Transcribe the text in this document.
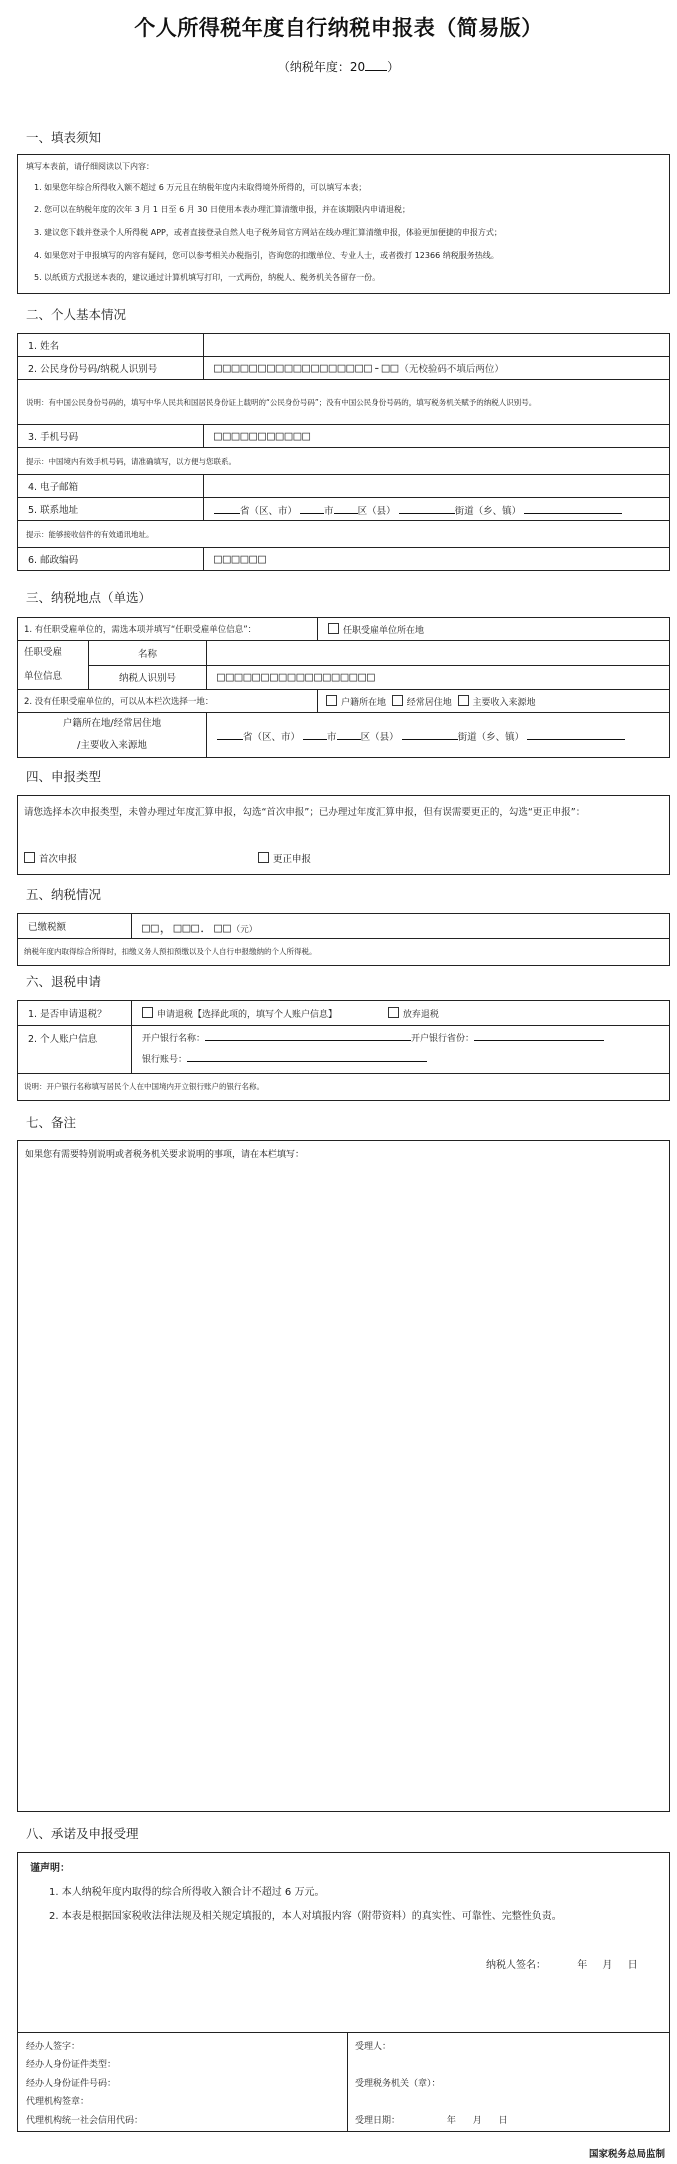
个人所得税年度自行纳税申报表（简易版）
（纳税年度：20 ）
一、填表须知

填写本表前，请仔细阅读以下内容：

1. 如果您年综合所得收入额不超过 6 万元且在纳税年度内未取得境外所得的，可以填写本表；

2. 您可以在纳税年度的次年 3 月 1 日至 6 月 30 日使用本表办理汇算清缴申报，并在该期限内申请退税；

3. 建议您下载并登录个人所得税 APP，或者直接登录自然人电子税务局官方网站在线办理汇算清缴申报，体验更加便捷的申报方式；

4. 如果您对于申报填写的内容有疑问，您可以参考相关办税指引，咨询您的扣缴单位、专业人士，或者拨打 12366 纳税服务热线。

5. 以纸质方式报送本表的，建议通过计算机填写打印，一式两份，纳税人、税务机关各留存一份。

二、个人基本情况
1. 姓名	
2. 公民身份号码/纳税人识别号	□□□□□□□□□□□□□□□□□□-□□（无校验码不填后两位）
说明：有中国公民身份号码的，填写中华人民共和国居民身份证上载明的“公民身份号码”；没有中国公民身份号码的，填写税务机关赋予的纳税人识别号。	
3. 手机号码	□□□□□□□□□□□
提示：中国境内有效手机号码，请准确填写，以方便与您联系。	
4. 电子邮箱	
5. 联系地址	省（区、市） 市 区（县） 街道（乡、镇）
提示：能够接收信件的有效通讯地址。	
6. 邮政编码	□□□□□□
三、纳税地点（单选）
1. 有任职受雇单位的，需选本项并填写“任职受雇单位信息”：			任职受雇单位所在地

任职受雇
单位信息	名称		
	纳税人识别号	□□□□□□□□□□□□□□□□□□	
2. 没有任职受雇单位的，可以从本栏次选择一地：			户籍所在地 经常居住地 主要收入来源地

户籍所在地/经常居住地
/主要收入来源地		省（区、市） 市 区（县） 街道（乡、镇）	
四、申报类型
请您选择本次申报类型，未曾办理过年度汇算申报，勾选“首次申报”；已办理过年度汇算申报，但有误需要更正的，勾选“更正申报”：
首次申报	更正申报
五、纳税情况
已缴税额	□□，□□□．□□（元）
纳税年度内取得综合所得时，扣缴义务人预扣预缴以及个人自行申报缴纳的个人所得税。
六、退税申请
1. 是否申请退税？	申请退税【选择此项的，填写个人账户信息】 放弃退税
2. 个人账户信息	开户银行名称： 开户银行省份：
银行账号：

说明：开户银行名称填写居民个人在中国境内开立银行账户的银行名称。	
七、备注
如果您有需要特别说明或者税务机关要求说明的事项，请在本栏填写：
八、承诺及申报受理

谨声明：

1. 本人纳税年度内取得的综合所得收入额合计不超过 6 万元。

2. 本表是根据国家税收法律法规及相关规定填报的，本人对填报内容（附带资料）的真实性、可靠性、完整性负责。

纳税人签名：	年 月 日

经办人签字：

经办人身份证件类型：

经办人身份证件号码：

代理机构签章：

代理机构统一社会信用代码：

受理人：

受理税务机关（章）：

受理日期：	年 月 日

国家税务总局监制
